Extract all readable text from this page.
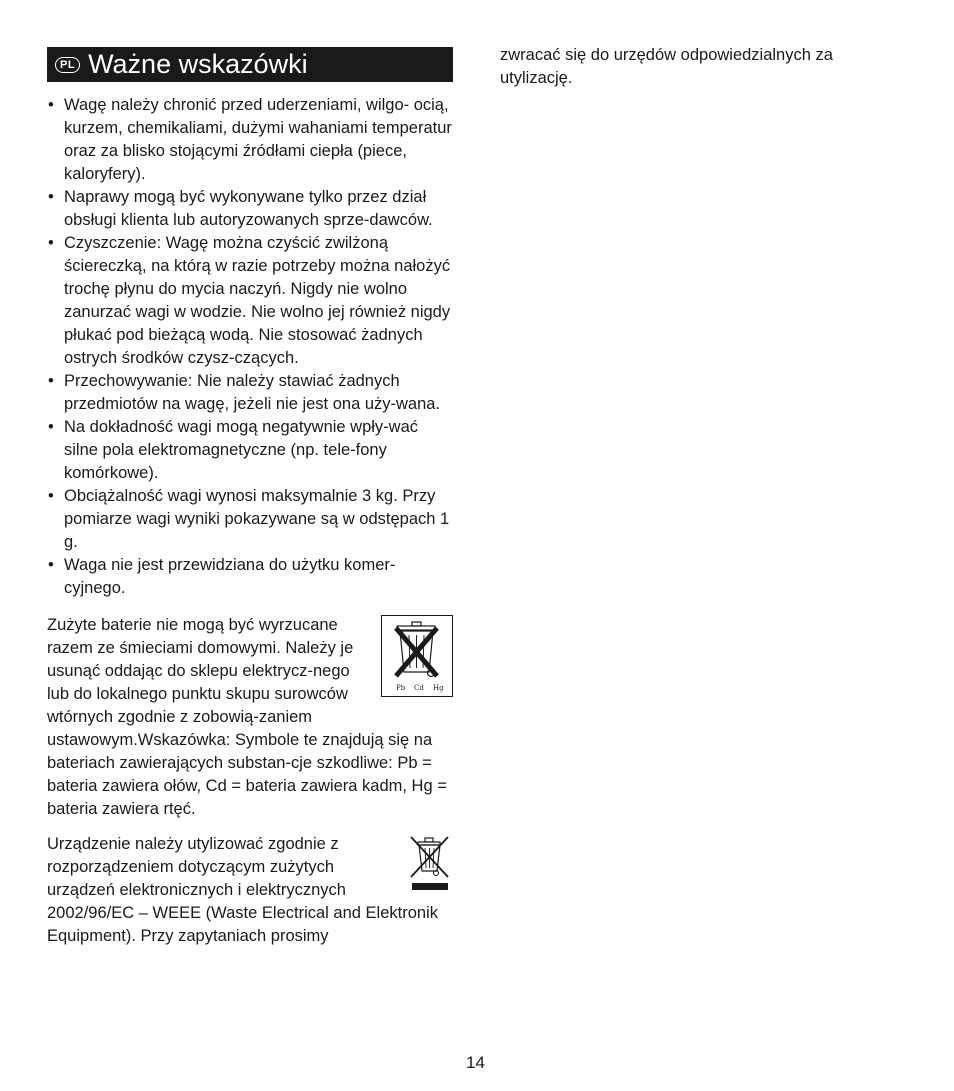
PL Ważne wskazówki
• Wagę należy chronić przed uderzeniami, wilgo- ocią, kurzem, chemikaliami, dużymi wahaniami temperatur oraz za blisko stojącymi źródłami ciepła (piece, kaloryfery).
• Naprawy mogą być wykonywane tylko przez dział obsługi klienta lub autoryzowanych sprze-dawców.
• Czyszczenie: Wagę można czyścić zwilżoną ściereczką, na którą w razie potrzeby można nałożyć trochę płynu do mycia naczyń. Nigdy nie wolno zanurzać wagi w wodzie. Nie wolno jej również nigdy płukać pod bieżącą wodą. Nie stosować żadnych ostrych środków czysz-czących.
• Przechowywanie: Nie należy stawiać żadnych przedmiotów na wagę, jeżeli nie jest ona uży-wana.
• Na dokładność wagi mogą negatywnie wpły-wać silne pola elektromagnetyczne (np. tele-fony komórkowe).
• Obciążalność wagi wynosi maksymalnie 3 kg. Przy pomiarze wagi wyniki pokazywane są w odstępach 1 g.
• Waga nie jest przewidziana do użytku komer-cyjnego.
Pb Cd Hg

Zużyte baterie nie mogą być wyrzucane razem ze śmieciami domowymi. Należy je usunąć oddając do sklepu elektrycz-nego lub do lokalnego punktu skupu surowców wtórnych zgodnie z zobowią-zaniem ustawowym.Wskazówka: Symbole te znajdują się na bateriach zawierających substan-cje szkodliwe: Pb = bateria zawiera ołów, Cd = bateria zawiera kadm, Hg = bateria zawiera rtęć.

Urządzenie należy utylizować zgodnie z rozporządzeniem dotyczącym zużytych urządzeń elektronicznych i elektrycznych 2002/96/EC – WEEE (Waste Electrical and Elektronik Equipment). Przy zapytaniach prosimy

zwracać się do urzędów odpowiedzialnych za utylizację.

14
